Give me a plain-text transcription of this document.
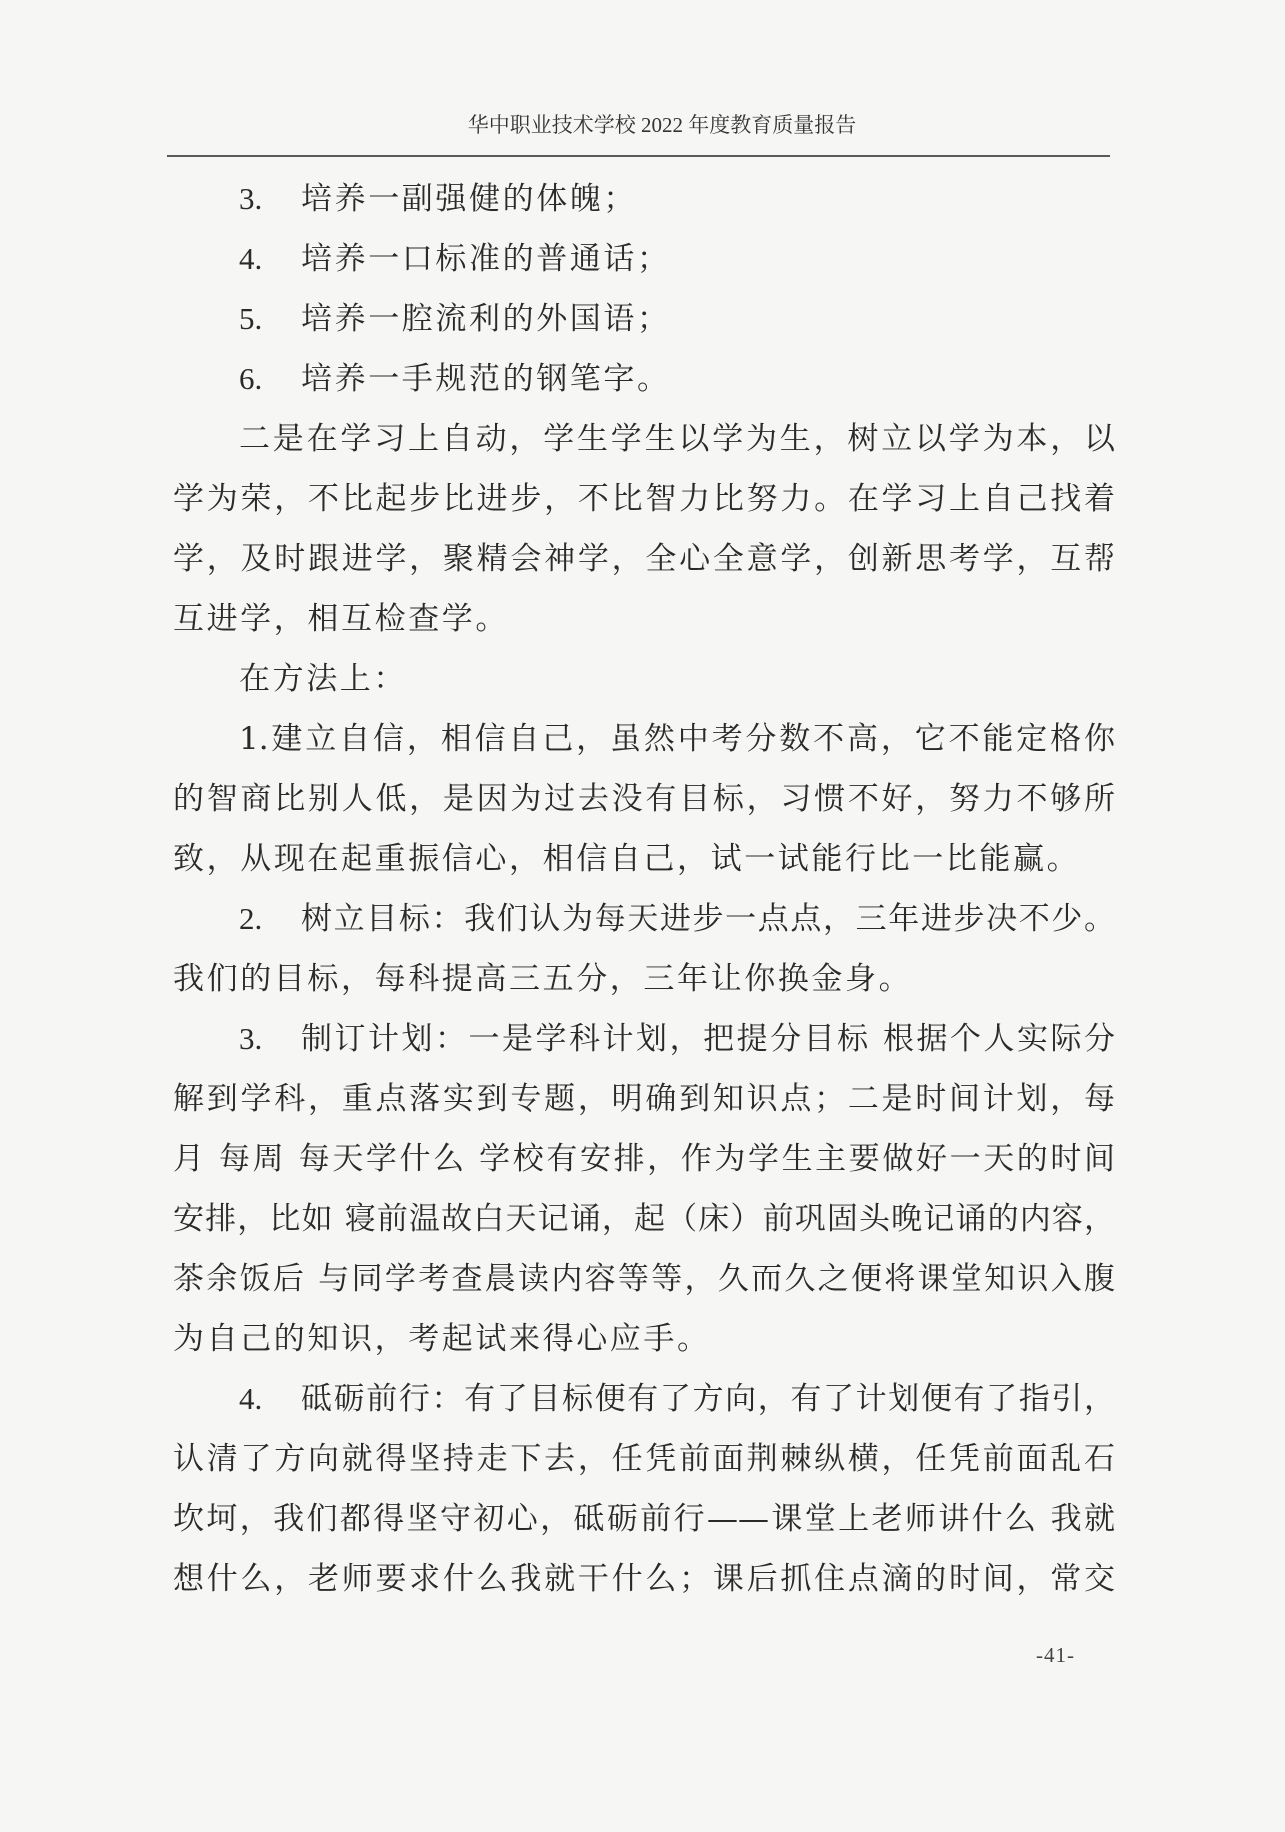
华中职业技术学校 2022 年度教育质量报告
3.	培养一副强健的体魄；
4.	培养一口标准的普通话；
5.	培养一腔流利的外国语；
6.	培养一手规范的钢笔字。
二是在学习上自动，学生学生以学为生，树立以学为本，以
学为荣，不比起步比进步，不比智力比努力。在学习上自己找着
学，及时跟进学，聚精会神学，全心全意学，创新思考学，互帮
互进学，相互检查学。
在方法上：
1.建立自信，相信自己，虽然中考分数不高，它不能定格你
的智商比别人低，是因为过去没有目标，习惯不好，努力不够所
致，从现在起重振信心，相信自己，试一试能行比一比能赢。
2.	树立目标：我们认为每天进步一点点，三年进步决不少。
我们的目标，每科提高三五分，三年让你换金身。
3.	制订计划：一是学科计划，把提分目标 根据个人实际分
解到学科，重点落实到专题，明确到知识点；二是时间计划，每
月 每周 每天学什么 学校有安排，作为学生主要做好一天的时间
安排，比如 寝前温故白天记诵，起（床）前巩固头晚记诵的内容，
茶余饭后 与同学考查晨读内容等等，久而久之便将课堂知识入腹
为自己的知识，考起试来得心应手。
4.	砥砺前行：有了目标便有了方向，有了计划便有了指引，
认清了方向就得坚持走下去，任凭前面荆棘纵横，任凭前面乱石
坎坷，我们都得坚守初心，砥砺前行——课堂上老师讲什么 我就
想什么，老师要求什么我就干什么；课后抓住点滴的时间，常交
-41-
